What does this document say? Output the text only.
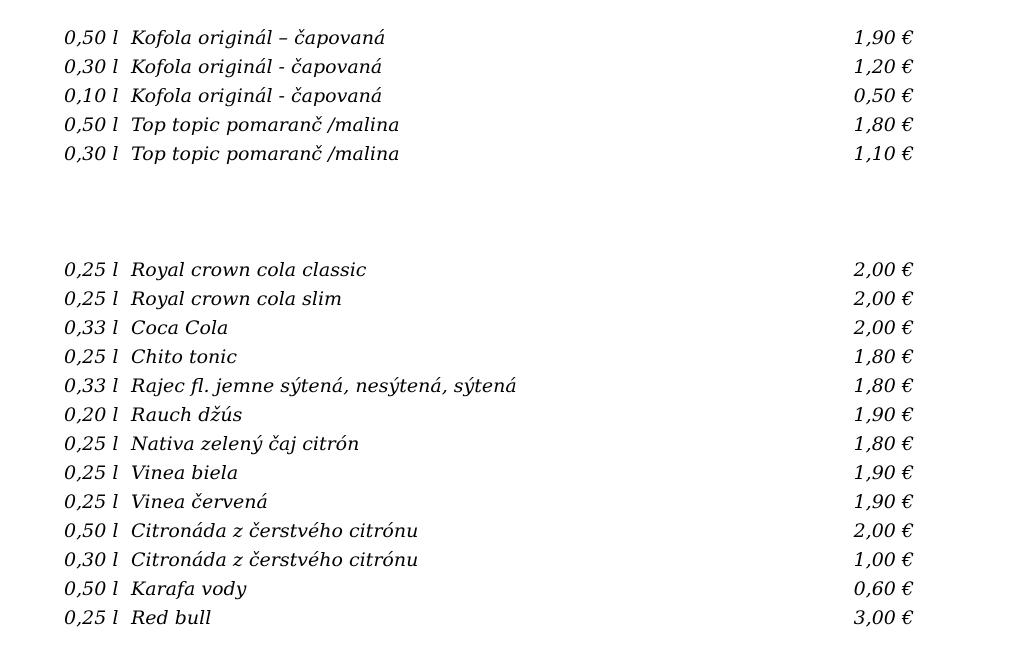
0,50 l Kofola originál – čapovaná	1,90 €
0,30 l Kofola originál - čapovaná	1,20 €
0,10 l Kofola originál - čapovaná	0,50 €
0,50 l Top topic pomaranč /malina	1,80 €
0,30 l Top topic pomaranč /malina	1,10 €
0,25 l Royal crown cola classic	2,00 €
0,25 l Royal crown cola slim	2,00 €
0,33 l Coca Cola	2,00 €
0,25 l Chito tonic	1,80 €
0,33 l Rajec fl. jemne sýtená, nesýtená, sýtená	1,80 €
0,20 l Rauch džús	1,90 €
0,25 l Nativa zelený čaj citrón	1,80 €
0,25 l Vinea biela	1,90 €
0,25 l Vinea červená	1,90 €
0,50 l Citronáda z čerstvého citrónu	2,00 €
0,30 l Citronáda z čerstvého citrónu	1,00 €
0,50 l Karafa vody	0,60 €
0,25 l Red bull	3,00 €
